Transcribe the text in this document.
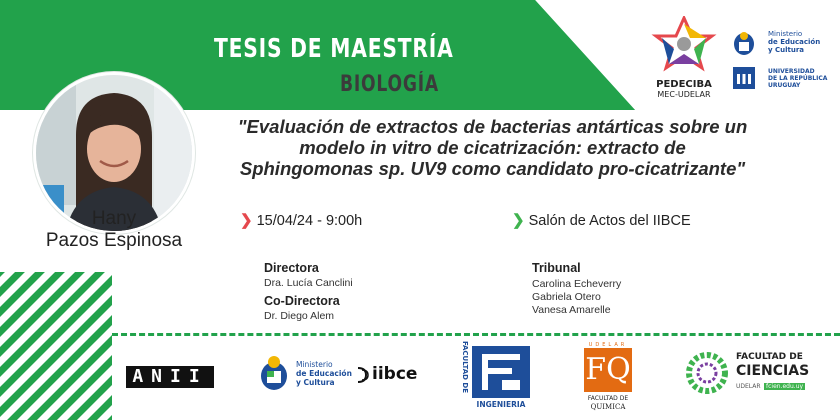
TESIS DE MAESTRÍA
BIOLOGÍA	PEDECIBA
MEC-UDELAR
Ministerio
de Educación
y Cultura
UNIVERSIDAD
DE LA REPÚBLICA
URUGUAY
Hany
Pazos Espinosa
"Evaluación de extractos de bacterias antárticas sobre un
modelo in vitro de cicatrización: extracto de
Sphingomonas sp. UV9 como candidato pro-cicatrizante"
❯ 15/04/24 - 9:00h	❯ Salón de Actos del IIBCE
Directora
Dra. Lucía Canclini
Co-Directora
Dr. Diego Alem
Tribunal
Carolina Echeverry
Gabriela Otero
Vanesa Amarelle
ANII
Ministerio
de Educación
y Cultura	iibce	FACULTAD DE
INGENIERIA
UDELAR
FQ
FACULTAD DE
QUIMICA
FACULTAD DE
CIENCIAS
UDELAR fcien.edu.uy
